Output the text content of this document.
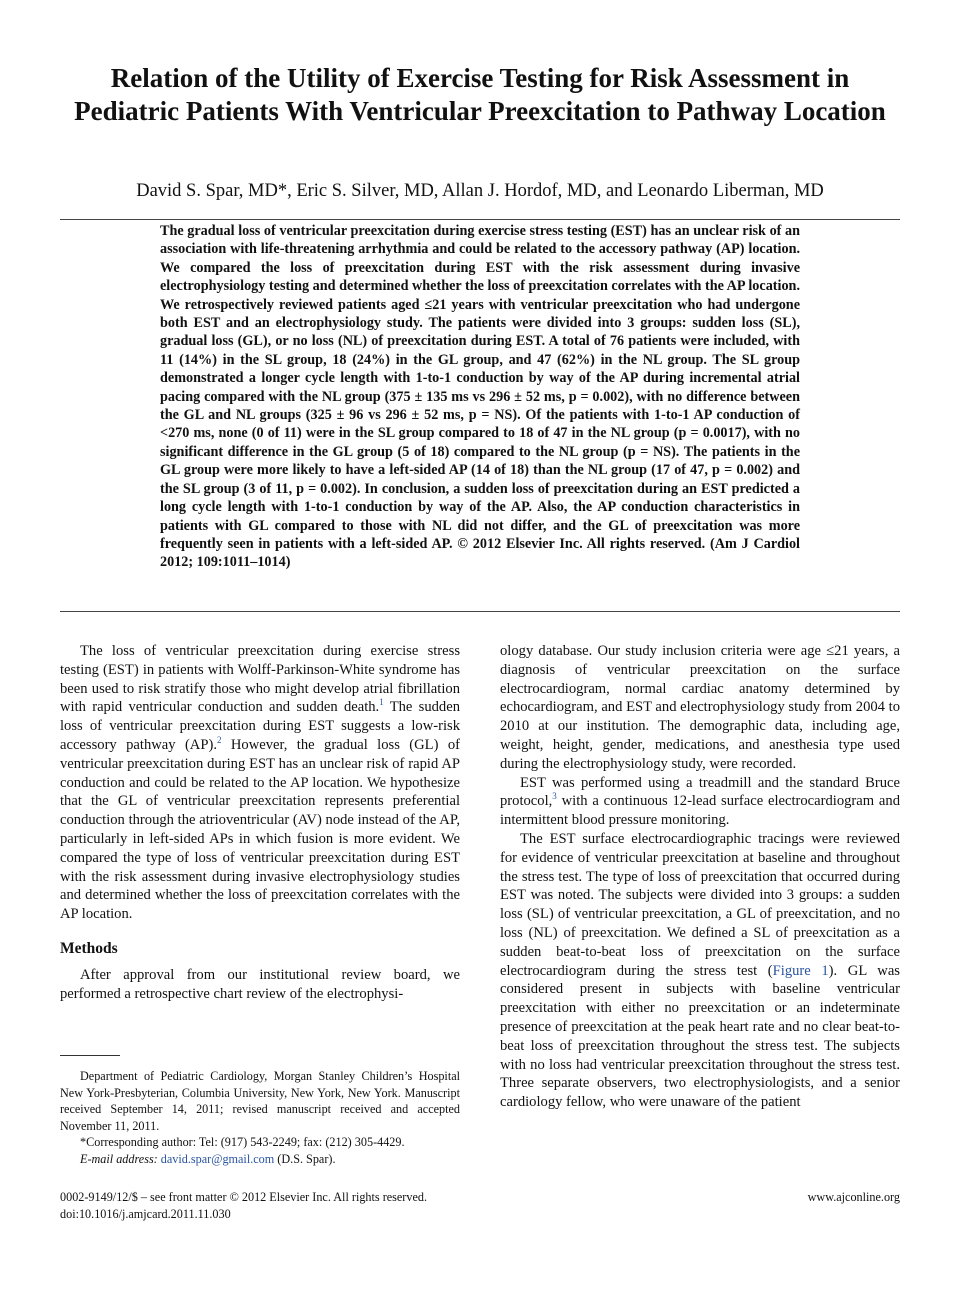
Relation of the Utility of Exercise Testing for Risk Assessment in Pediatric Patients With Ventricular Preexcitation to Pathway Location
David S. Spar, MD*, Eric S. Silver, MD, Allan J. Hordof, MD, and Leonardo Liberman, MD
The gradual loss of ventricular preexcitation during exercise stress testing (EST) has an unclear risk of an association with life-threatening arrhythmia and could be related to the accessory pathway (AP) location. We compared the loss of preexcitation during EST with the risk assessment during invasive electrophysiology testing and determined whether the loss of preexcitation correlates with the AP location. We retrospectively reviewed patients aged ≤21 years with ventricular preexcitation who had undergone both EST and an electrophysiology study. The patients were divided into 3 groups: sudden loss (SL), gradual loss (GL), or no loss (NL) of preexcitation during EST. A total of 76 patients were included, with 11 (14%) in the SL group, 18 (24%) in the GL group, and 47 (62%) in the NL group. The SL group demonstrated a longer cycle length with 1-to-1 conduction by way of the AP during incremental atrial pacing compared with the NL group (375 ± 135 ms vs 296 ± 52 ms, p = 0.002), with no difference between the GL and NL groups (325 ± 96 vs 296 ± 52 ms, p = NS). Of the patients with 1-to-1 AP conduction of <270 ms, none (0 of 11) were in the SL group compared to 18 of 47 in the NL group (p = 0.0017), with no significant difference in the GL group (5 of 18) compared to the NL group (p = NS). The patients in the GL group were more likely to have a left-sided AP (14 of 18) than the NL group (17 of 47, p = 0.002) and the SL group (3 of 11, p = 0.002). In conclusion, a sudden loss of preexcitation during an EST predicted a long cycle length with 1-to-1 conduction by way of the AP. Also, the AP conduction characteristics in patients with GL compared to those with NL did not differ, and the GL of preexcitation was more frequently seen in patients with a left-sided AP. © 2012 Elsevier Inc. All rights reserved. (Am J Cardiol 2012; 109:1011–1014)

The loss of ventricular preexcitation during exercise stress testing (EST) in patients with Wolff-Parkinson-White syndrome has been used to risk stratify those who might develop atrial fibrillation with rapid ventricular conduction and sudden death.$^1$ The sudden loss of ventricular preexcitation during EST suggests a low-risk accessory pathway (AP).$^2$ However, the gradual loss (GL) of ventricular preexcitation during EST has an unclear risk of rapid AP conduction and could be related to the AP location. We hypothesize that the GL of ventricular preexcitation represents preferential conduction through the atrioventricular (AV) node instead of the AP, particularly in left-sided APs in which fusion is more evident. We compared the type of loss of ventricular preexcitation during EST with the risk assessment during invasive electrophysiology studies and determined whether the loss of preexcitation correlates with the AP location.

Methods

After approval from our institutional review board, we performed a retrospective chart review of the electrophysi-

ology database. Our study inclusion criteria were age ≤21 years, a diagnosis of ventricular preexcitation on the surface electrocardiogram, normal cardiac anatomy determined by echocardiogram, and EST and electrophysiology study from 2004 to 2010 at our institution. The demographic data, including age, weight, height, gender, medications, and anesthesia type used during the electrophysiology study, were recorded.

EST was performed using a treadmill and the standard Bruce protocol,$^3$ with a continuous 12-lead surface electrocardiogram and intermittent blood pressure monitoring.

The EST surface electrocardiographic tracings were reviewed for evidence of ventricular preexcitation at baseline and throughout the stress test. The type of loss of preexcitation that occurred during EST was noted. The subjects were divided into 3 groups: a sudden loss (SL) of ventricular preexcitation, a GL of preexcitation, and no loss (NL) of preexcitation. We defined a SL of preexcitation as a sudden beat-to-beat loss of preexcitation on the surface electrocardiogram during the stress test (Figure 1). GL was considered present in subjects with baseline ventricular preexcitation with either no preexcitation or an indeterminate presence of preexcitation at the peak heart rate and no clear beat-to-beat loss of preexcitation throughout the stress test. The subjects with no loss had ventricular preexcitation throughout the stress test. Three separate observers, two electrophysiologists, and a senior cardiology fellow, who were unaware of the patient

Department of Pediatric Cardiology, Morgan Stanley Children’s Hospital New York-Presbyterian, Columbia University, New York, New York. Manuscript received September 14, 2011; revised manuscript received and accepted November 11, 2011.

*Corresponding author: Tel: (917) 543-2249; fax: (212) 305-4429.

E-mail address: david.spar@gmail.com (D.S. Spar).

0002-9149/12/$ – see front matter © 2012 Elsevier Inc. All rights reserved.
doi:10.1016/j.amjcard.2011.11.030
www.ajconline.org
